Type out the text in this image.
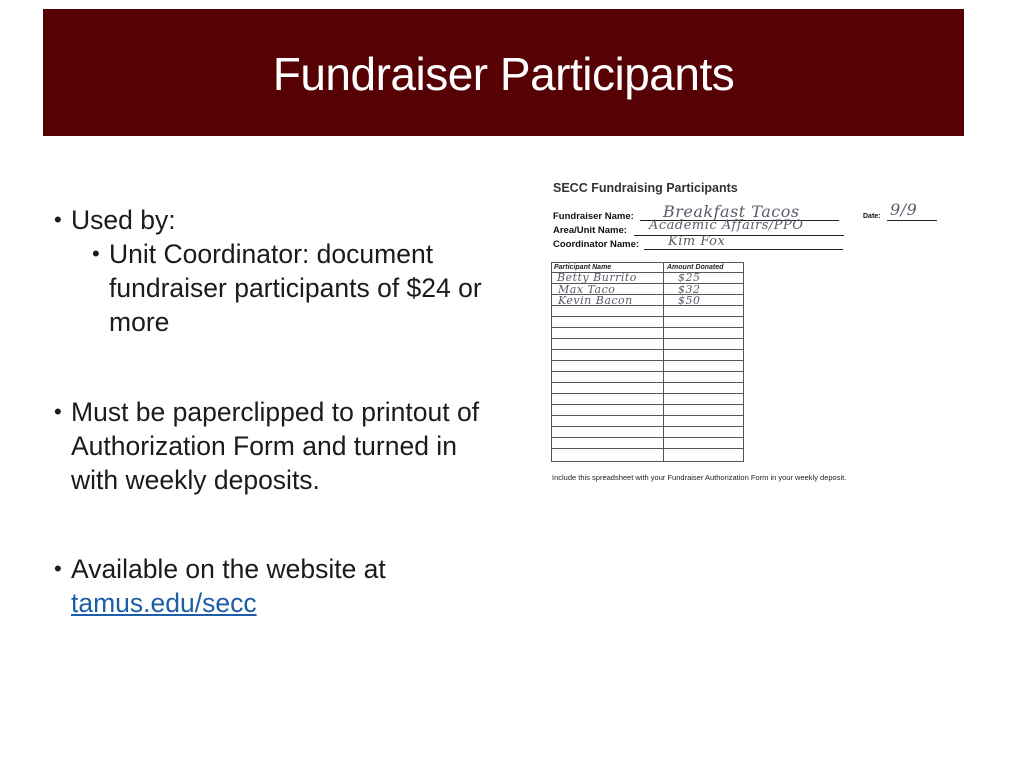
Fundraiser Participants
• Used by:
• Unit Coordinator: document fundraiser participants of $24 or more
• Must be paperclipped to printout of Authorization Form and turned in with weekly deposits.
• Available on the website at tamus.edu/secc
SECC Fundraising Participants
Fundraiser Name: Breakfast Tacos	Date: 9/9
Area/Unit Name: Academic Affairs/PPO
Coordinator Name: Kim Fox
Include this spreadsheet with your Fundraiser Authorization Form in your weekly deposit.
Participant Name	Amount Donated
Betty Burrito	$25
Max Taco	$32
Kevin Bacon	$50
